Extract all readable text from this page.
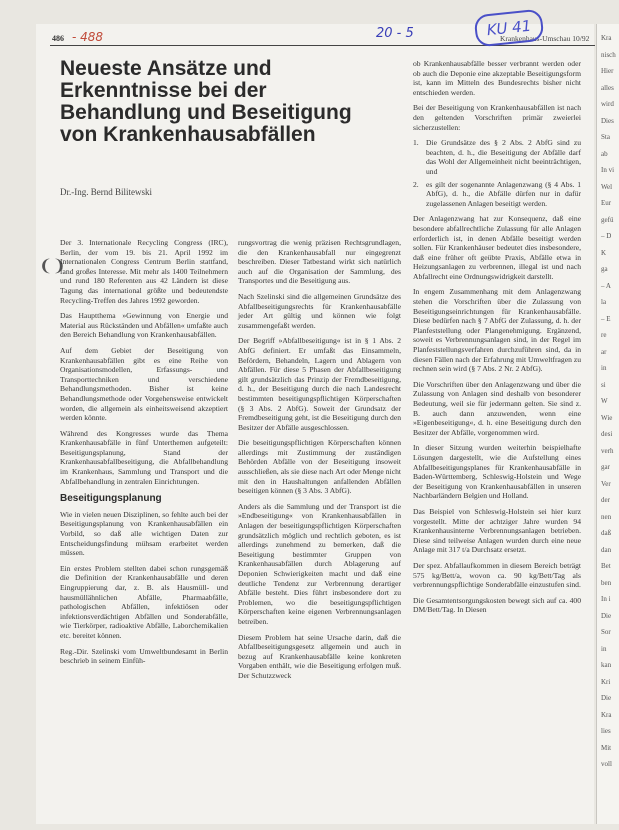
Kra
nisch
Hier
alles
wird
Dies
Sta
ab
In vi
Wel
Eur
gefü
– D
K
ga
– A
la
– E
re
ar
in
si
W
Wie
desi
verh
gar
Ver
der
nen
daß
dan
Bet
ben
In i
Die
Sor
in
kan
Kri
Die
Kra
lies
Mit
voll
486 - 488	Krankenhaus-Umschau 10/92
20 - 5	KU 41
Neueste Ansätze und Erkenntnisse bei der Behandlung und Beseitigung von Krankenhausabfällen
Dr.-Ing. Bernd Bilitewski
❨❩

Der 3. Internationale Recycling Congress (IRC), Berlin, der vom 19. bis 21. April 1992 im Internationalen Congress Centrum Berlin stattfand, fand großes Interesse. Mit mehr als 1400 Teilnehmern und rund 180 Referenten aus 42 Ländern ist diese Tagung das international größte und bedeutendste Recycling-Treffen des Jahres 1992 geworden.

Das Hauptthema »Gewinnung von Energie und Material aus Rückständen und Abfällen« umfaßte auch den Bereich Behandlung von Krankenhausabfällen.

Auf dem Gebiet der Beseitigung von Krankenhausabfällen gibt es eine Reihe von Organisationsmodellen, Erfassungs- und Transporttechniken und verschiedene Behandlungsmethoden. Bisher ist keine Behandlungsmethode oder Vorgehensweise entwickelt worden, die allgemein als einheitsweisend akzeptiert werden könnte.

Während des Kongresses wurde das Thema Krankenhausabfälle in fünf Unterthemen aufgeteilt: Beseitigungsplanung, Stand der Krankenhausabfallbeseitigung, die Abfallbehandlung im Krankenhaus, Sammlung und Transport und die Abfallbehandlung in zentralen Einrichtungen.

Beseitigungsplanung

Wie in vielen neuen Disziplinen, so fehlte auch bei der Beseitigungsplanung von Krankenhausabfällen ein Vorbild, so daß alle wichtigen Daten zur Entscheidungsfindung mühsam erarbeitet werden müssen.

Ein erstes Problem stellten dabei schon rungsgemäß die Definition der Krankenhausabfälle und deren Eingruppierung dar, z. B. als Hausmüll- und hausmüllähnlichen Abfälle, Pharmaabfälle, pathologischen Abfällen, infektiösen oder infektionsverdächtigen Abfällen und Sonderabfälle, wie Tierkörper, radioaktive Abfälle, Laborchemikalien etc. bereitet können.

Reg.-Dir. Szelinski vom Umweltbundesamt in Berlin beschrieb in seinem Einfüh-

rungsvortrag die wenig präzisen Rechtsgrundlagen, die den Krankenhausabfall nur eingegrenzt beschreiben. Dieser Tatbestand wirkt sich natürlich auch auf die Organisation der Sammlung, des Transportes und die Beseitigung aus.

Nach Szelinski sind die allgemeinen Grundsätze des Abfallbeseitigungsrechts für Krankenhausabfälle jeder Art gültig und können wie folgt zusammengefaßt werden.

Der Begriff »Abfallbeseitigung« ist in § 1 Abs. 2 AbfG definiert. Er umfaßt das Einsammeln, Befördern, Behandeln, Lagern und Ablagern von Abfällen. Für diese 5 Phasen der Abfallbeseitigung gilt grundsätzlich das Prinzip der Fremdbeseitigung, d. h., der Beseitigung durch die nach Landesrecht bestimmten beseitigungspflichtigen Körperschaften (§ 3 Abs. 2 AbfG). Soweit der Grundsatz der Fremdbeseitigung geht, ist die Beseitigung durch den Besitzer der Abfälle ausgeschlossen.

Die beseitigungspflichtigen Körperschaften können allerdings mit Zustimmung der zuständigen Behörden Abfälle von der Beseitigung insoweit ausschließen, als sie diese nach Art oder Menge nicht mit den in Haushaltungen anfallenden Abfällen beseitigen können (§ 3 Abs. 3 AbfG).

Anders als die Sammlung und der Transport ist die »Endbeseitigung« von Krankenhausabfällen in Anlagen der beseitigungspflichtigen Körperschaften grundsätzlich möglich und rechtlich geboten, es ist allerdings zunehmend zu bemerken, daß die Beseitigung bestimmter Gruppen von Krankenhausabfällen durch Ablagerung auf Deponien Schwierigkeiten macht und daß eine deutliche Tendenz zur Verbrennung derartiger Abfälle besteht. Dies führt insbesondere dort zu Problemen, wo die beseitigungspflichtigen Körperschaften keine eigenen Verbrennungsanlagen betreiben.

Diesem Problem hat seine Ursache darin, daß die Abfallbeseitigungsgesetz allgemein und auch in bezug auf Krankenhausabfälle keine konkreten Vorgaben enthält, wie die Beseitigung erfolgen muß. Der Schutzzweck

ob Krankenhausabfälle besser verbrannt werden oder ob auch die Deponie eine akzeptable Beseitigungsform ist, kann im Mitteln des Bundesrechts bisher nicht entschieden werden.

Bei der Beseitigung von Krankenhausabfällen ist nach den geltenden Vorschriften primär zweierlei sicherzustellen:

1. Die Grundsätze des § 2 Abs. 2 AbfG sind zu beachten, d. h., die Beseitigung der Abfälle darf das Wohl der Allgemeinheit nicht beeinträchtigen, und
2. es gilt der sogenannte Anlagenzwang (§ 4 Abs. 1 AbfG), d. h., die Abfälle dürfen nur in dafür zugelassenen Anlagen beseitigt werden.

Der Anlagenzwang hat zur Konsequenz, daß eine besondere abfallrechtliche Zulassung für alle Anlagen erforderlich ist, in denen Abfälle beseitigt werden sollen. Für Krankenhäuser bedeutet dies insbesondere, daß eine früher oft geübte Praxis, Abfälle etwa in Heizungsanlagen zu verbrennen, illegal ist und nach Abfallrecht eine Ordnungswidrigkeit darstellt.

In engem Zusammenhang mit dem Anlagenzwang stehen die Vorschriften über die Zulassung von Beseitigungseinrichtungen für Krankenhausabfälle. Diese bedürfen nach § 7 AbfG der Zulassung, d. h. der Planfeststellung oder Plangenehmigung. Ergänzend, soweit es Verbrennungsanlagen sind, in der Regel im Planfeststellungsverfahren durchzuführen sind, da in diesen Fällen nach der Erfahrung mit Umweltfragen zu rechnen sein wird (§ 7 Abs. 2 Nr. 2 AbfG).

Die Vorschriften über den Anlagenzwang und über die Zulassung von Anlagen sind deshalb von besonderer Bedeutung, weil sie für jedermann gelten. Sie sind z. B. auch dann anzuwenden, wenn eine »Eigenbeseitigung«, d. h. eine Beseitigung durch den Besitzer der Abfälle, vorgenommen wird.

In dieser Sitzung wurden weiterhin beispielhafte Lösungen dargestellt, wie die Aufstellung eines Abfallbeseitigungsplanes für Krankenhausabfälle in Baden-Württemberg, Schleswig-Holstein und Wege der Beseitigung von Krankenhausabfällen in unseren Nachbarländern Belgien und Holland.

Das Beispiel von Schleswig-Holstein sei hier kurz vorgestellt. Mitte der achtziger Jahre wurden 94 Krankenhausinterne Verbrennungsanlagen betrieben. Diese sind teilweise Anlagen wurden durch eine neue Anlage mit 317 t/a Durchsatz ersetzt.

Der spez. Abfallaufkommen in diesem Bereich beträgt 575 kg/Bett/a, wovon ca. 90 kg/Bett/Tag als verbrennungspflichtige Sonderabfälle einzustufen sind.

Die Gesamtentsorgungskosten bewegt sich auf ca. 400 DM/Bett/Tag. In Diesen
